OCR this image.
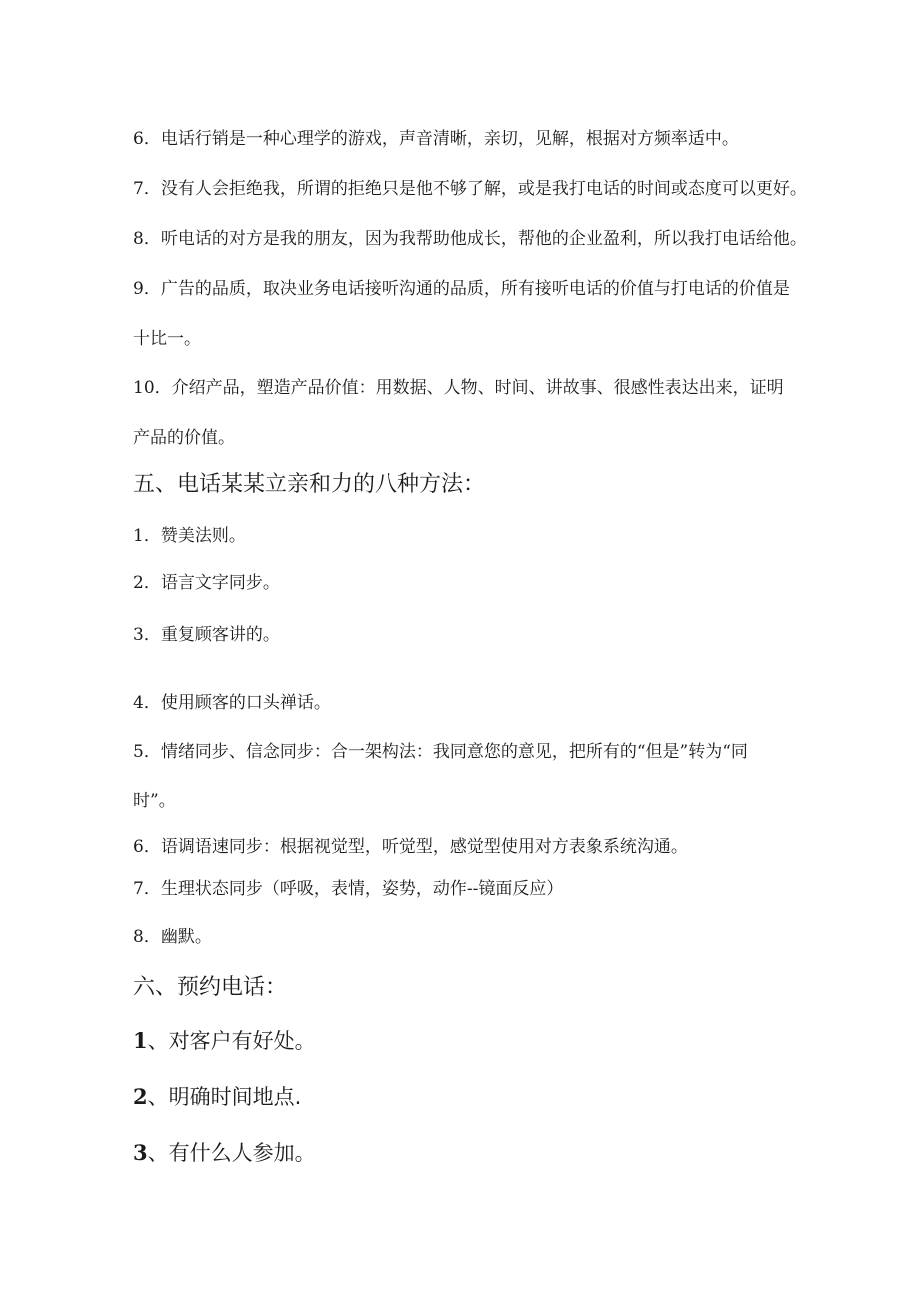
6．电话行销是一种心理学的游戏，声音清晰，亲切，见解，根据对方频率适中。
7．没有人会拒绝我，所谓的拒绝只是他不够了解，或是我打电话的时间或态度可以更好。
8．听电话的对方是我的朋友，因为我帮助他成长，帮他的企业盈利，所以我打电话给他。
9．广告的品质，取决业务电话接听沟通的品质，所有接听电话的价值与打电话的价值是
十比一。
10．介绍产品，塑造产品价值：用数据、人物、时间、讲故事、很感性表达出来，证明
产品的价值。
五、电话某某立亲和力的八种方法：
1．赞美法则。
2．语言文字同步。
3．重复顾客讲的。
4．使用顾客的口头禅话。
5．情绪同步、信念同步：合一架构法：我同意您的意见，把所有的“但是”转为“同
时”。
6．语调语速同步：根据视觉型，听觉型，感觉型使用对方表象系统沟通。
7．生理状态同步（呼吸，表情，姿势，动作--镜面反应）
8．幽默。
六、预约电话：
1、对客户有好处。
2、明确时间地点.
3、有什么人参加。
